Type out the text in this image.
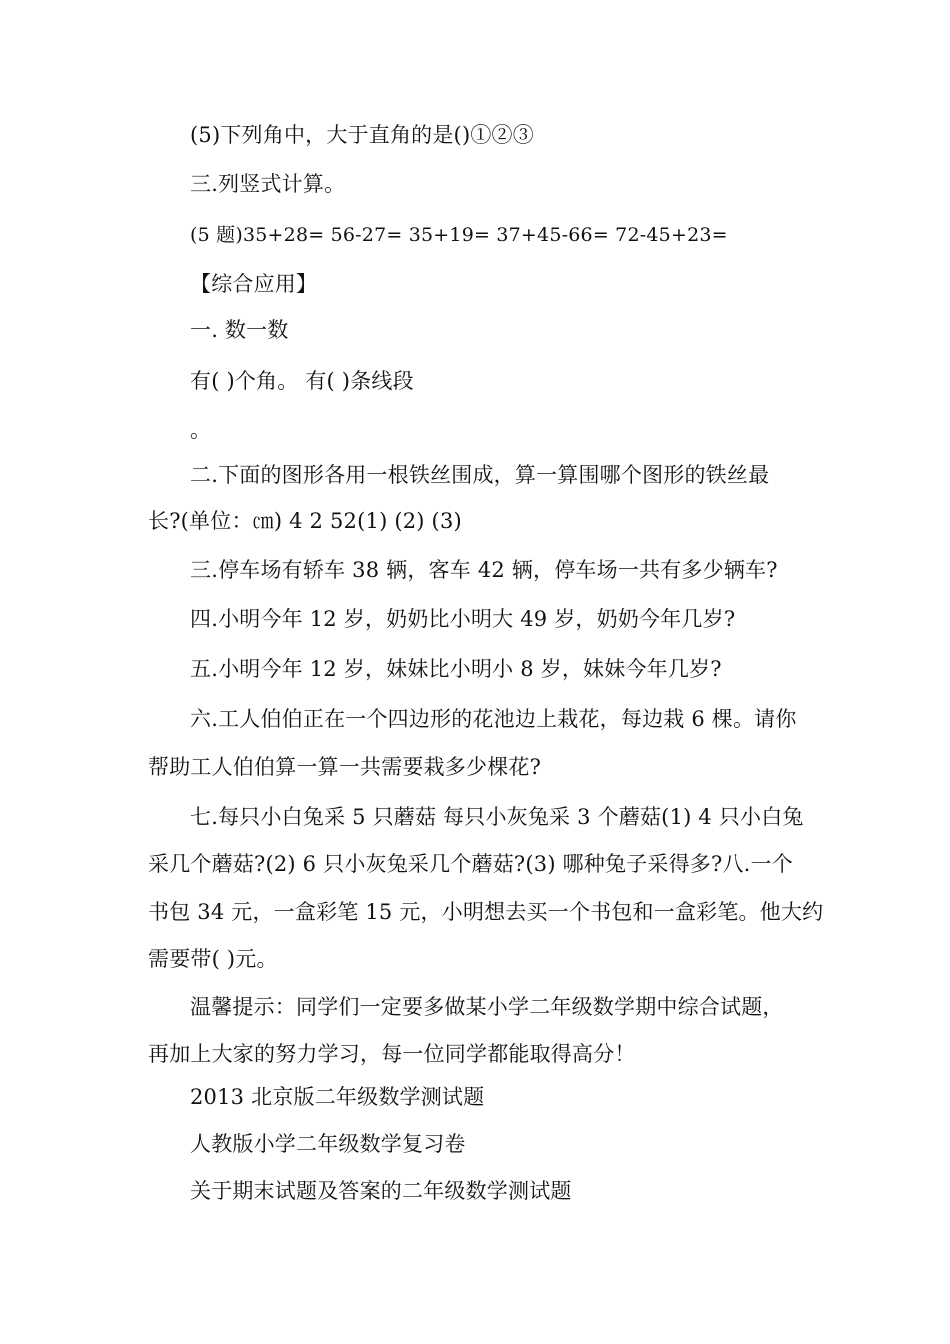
(5)下列角中，大于直角的是()①②③
三.列竖式计算。
(5 题)35+28= 56-27= 35+19= 37+45-66= 72-45+23=
【综合应用】
一. 数一数
有( )个角。 有( )条线段
。
二.下面的图形各用一根铁丝围成，算一算围哪个图形的铁丝最
长?(单位：㎝) 4 2 52(1) (2) (3)
三.停车场有轿车 38 辆，客车 42 辆，停车场一共有多少辆车?
四.小明今年 12 岁，奶奶比小明大 49 岁，奶奶今年几岁?
五.小明今年 12 岁，妹妹比小明小 8 岁，妹妹今年几岁?
六.工人伯伯正在一个四边形的花池边上栽花，每边栽 6 棵。请你
帮助工人伯伯算一算一共需要栽多少棵花?
七.每只小白兔采 5 只蘑菇 每只小灰兔采 3 个蘑菇(1) 4 只小白兔
采几个蘑菇?(2) 6 只小灰兔采几个蘑菇?(3) 哪种兔子采得多?八.一个
书包 34 元，一盒彩笔 15 元，小明想去买一个书包和一盒彩笔。他大约
需要带( )元。
温馨提示：同学们一定要多做某小学二年级数学期中综合试题，
再加上大家的努力学习，每一位同学都能取得高分！
2013 北京版二年级数学测试题
人教版小学二年级数学复习卷
关于期末试题及答案的二年级数学测试题
